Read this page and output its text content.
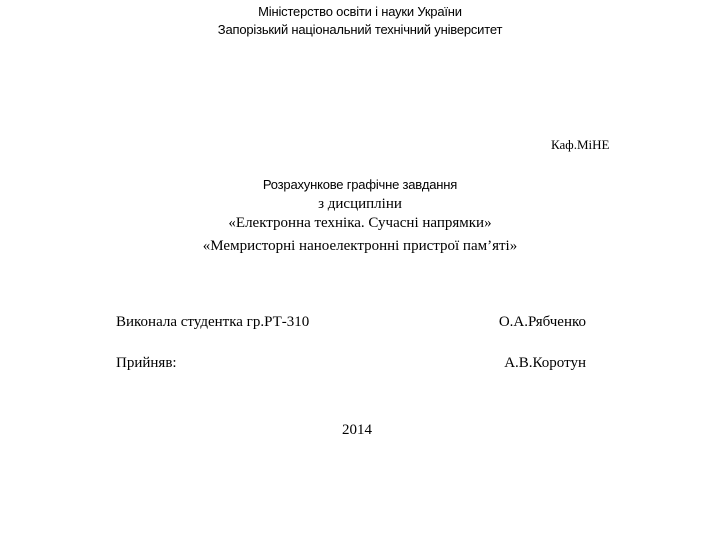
Міністерство освіти і науки України
Запорізький національний технічний університет
Каф.МіНЕ
Розрахункове графічне завдання
з дисципліни
«Електронна техніка. Сучасні напрямки»
«Мемристорні наноелектронні пристрої пам’яті»
Виконала студентка гр.РТ-310	О.А.Рябченко
Прийняв:	А.В.Коротун
2014
